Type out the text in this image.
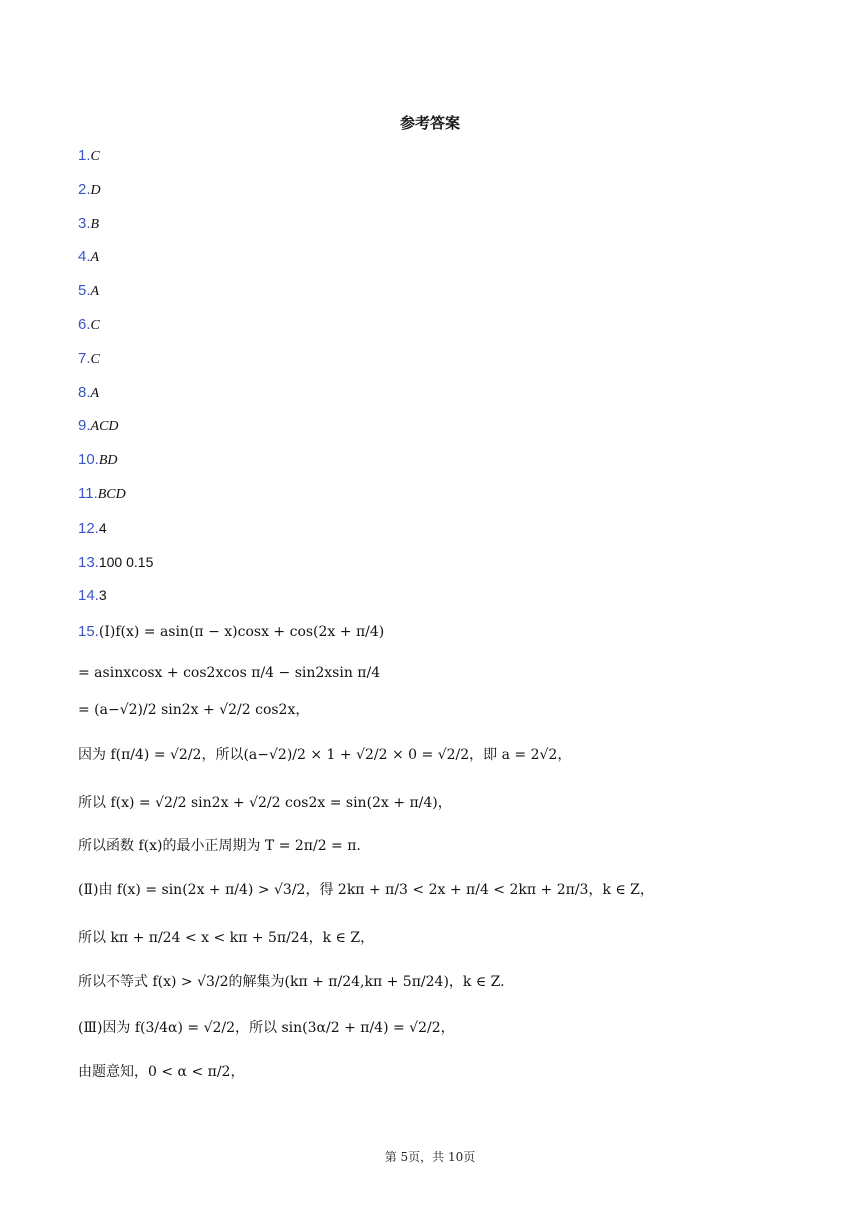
参考答案
1.C
2.D
3.B
4.A
5.A
6.C
7.C
8.A
9.ACD
10.BD
11.BCD
12.4
13.100 0.15
14.3
15.(Ⅰ)f(x) = asin(π − x)cosx + cos(2x + π/4)
= asinxcosx + cos2xcos π/4 − sin2xsin π/4
= (a−√2)/2 sin2x + √2/2 cos2x，
因为 f(π/4) = √2/2，所以(a−√2)/2 × 1 + √2/2 × 0 = √2/2，即 a = 2√2，
所以 f(x) = √2/2 sin2x + √2/2 cos2x = sin(2x + π/4)，
所以函数 f(x)的最小正周期为 T = 2π/2 = π.
(Ⅱ)由 f(x) = sin(2x + π/4) > √3/2，得 2kπ + π/3 < 2x + π/4 < 2kπ + 2π/3，k ∈ Z，
所以 kπ + π/24 < x < kπ + 5π/24，k ∈ Z，
所以不等式 f(x) > √3/2的解集为(kπ + π/24,kπ + 5π/24)，k ∈ Z.
(Ⅲ)因为 f(3/4α) = √2/2，所以 sin(3α/2 + π/4) = √2/2，
由题意知，0 < α < π/2，
第 5页，共 10页
